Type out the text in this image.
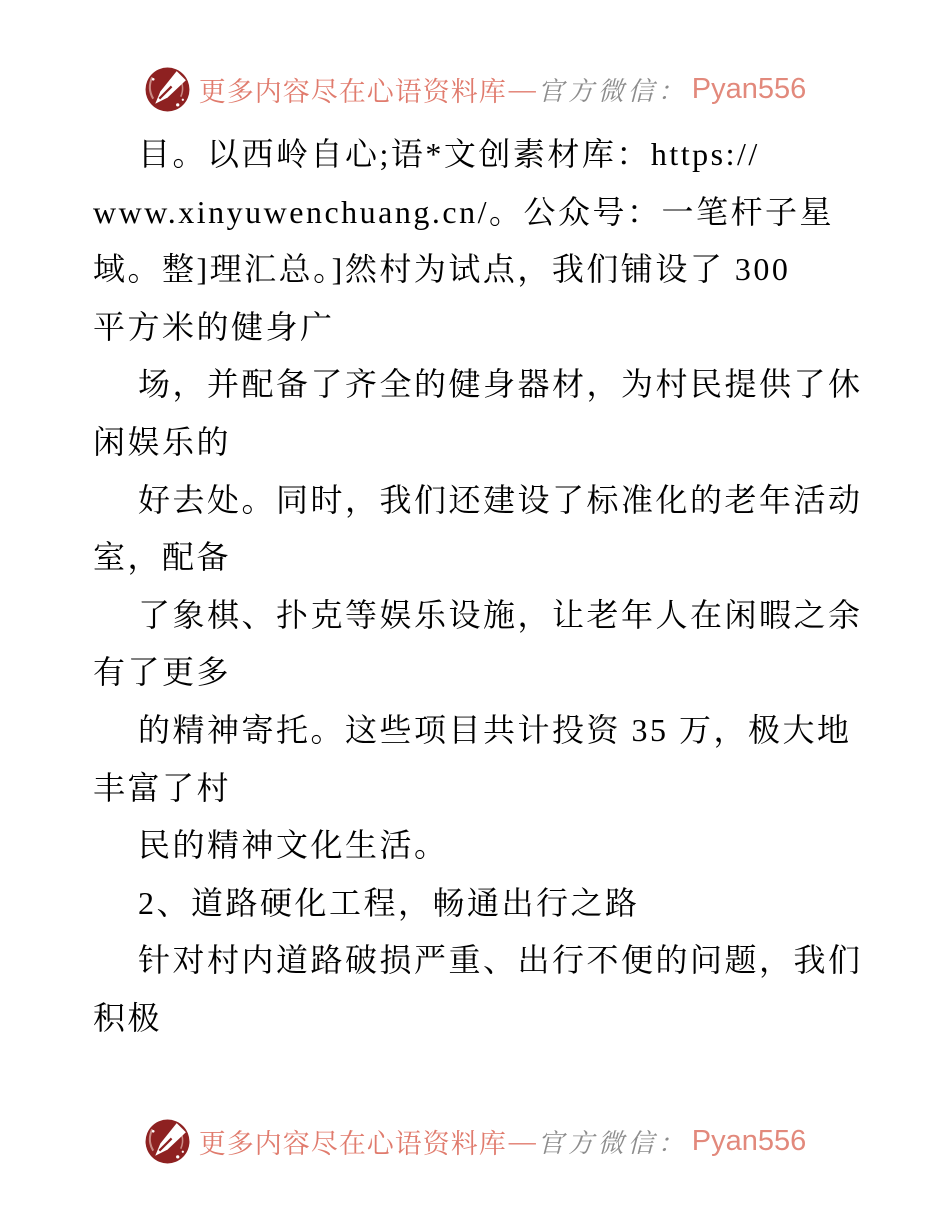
更多内容尽在心语资料库 — 官方微信： Pyan556
目。以西岭自心;语*文创素材库：https://
www.xinyuwenchuang.cn/。公众号：一笔杆子星
域。整]理汇总。]然村为试点，我们铺设了 300
平方米的健身广
场，并配备了齐全的健身器材，为村民提供了休
闲娱乐的
好去处。同时，我们还建设了标准化的老年活动
室，配备
了象棋、扑克等娱乐设施，让老年人在闲暇之余
有了更多
的精神寄托。这些项目共计投资 35 万，极大地
丰富了村
民的精神文化生活。
2、道路硬化工程，畅通出行之路
针对村内道路破损严重、出行不便的问题，我们
积极
更多内容尽在心语资料库 — 官方微信： Pyan556
